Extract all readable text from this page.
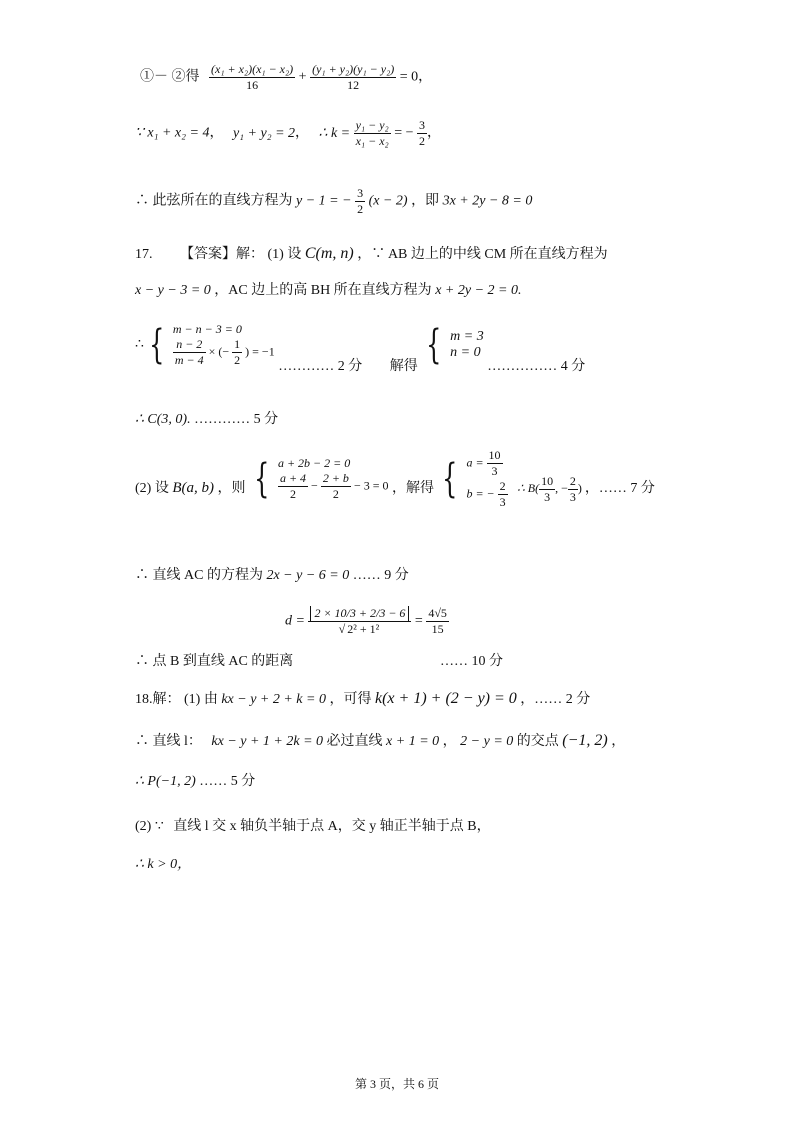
①－ ②得 $\frac{\text{(x₁ + x₂)(x₁ − x₂)}}{16} + \frac{\text{(y₁ + y₂)(y₁ − y₂)}}{12} = 0$，
∵ x₁ + x₂ = 4， y₁ + y₂ = 2， ∴ $k = \frac{\text{y₁ − y₂}}{\text{x₁ − x₂}}$ = − $\frac{3}{2}$ ，
∴ 此弦所在的直线方程为 y − 1 = − $\frac{3}{2} (x - 2)$ ，即 3x + 2y − 8 = 0
17. 【答案】解： (1) 设 C(m, n) ，∵ AB 边上的中线 CM 所在直线方程为
x − y − 3 = 0 ，AC 边上的高 BH 所在直线方程为 x + 2y − 2 = 0.
∴ { m − n − 3 = 0
$\frac{n - 2}{m - 4}$ × (− $\frac{1}{2}$ ) = −1
………… 2 分 解得 { m = 3
n = 0
…………… 4 分
∴ C(3, 0). ………… 5 分
(2) 设 B(a, b) ，则 { a + 2b − 2 = 0
$\frac{a + 4}{2} - \frac{2 + b}{2} - 3 = 0$ ，解得 { $a = \frac{10}{3}$
b = − $\frac{2}{3}$ ∴ $B( \frac{10}{3}$ , − $\frac{2}{3}$ ) ，…… 7 分
∴ 直线 AC 的方程为 2x − y − 6 = 0 …… 9 分
$d = \frac{2 \times 10/3 + 2/3 - 6}{\text{√ 2² + 1²}} = \frac{4√5}{15}$
∴ 点 B 到直线 AC 的距离	…… 10 分
18.解： (1) 由 kx − y + 2 + k = 0 ，可得 k(x + 1) + (2 − y) = 0 ，…… 2 分
∴ 直线 l： kx − y + 1 + 2k = 0 必过直线 x + 1 = 0 ， 2 − y = 0 的交点 (−1, 2) ，
∴ P(−1, 2) …… 5 分
(2) ∵ 直线 l 交 x 轴负半轴于点 A，交 y 轴正半轴于点 B，
∴ k > 0，
第 3 页，共 6 页
